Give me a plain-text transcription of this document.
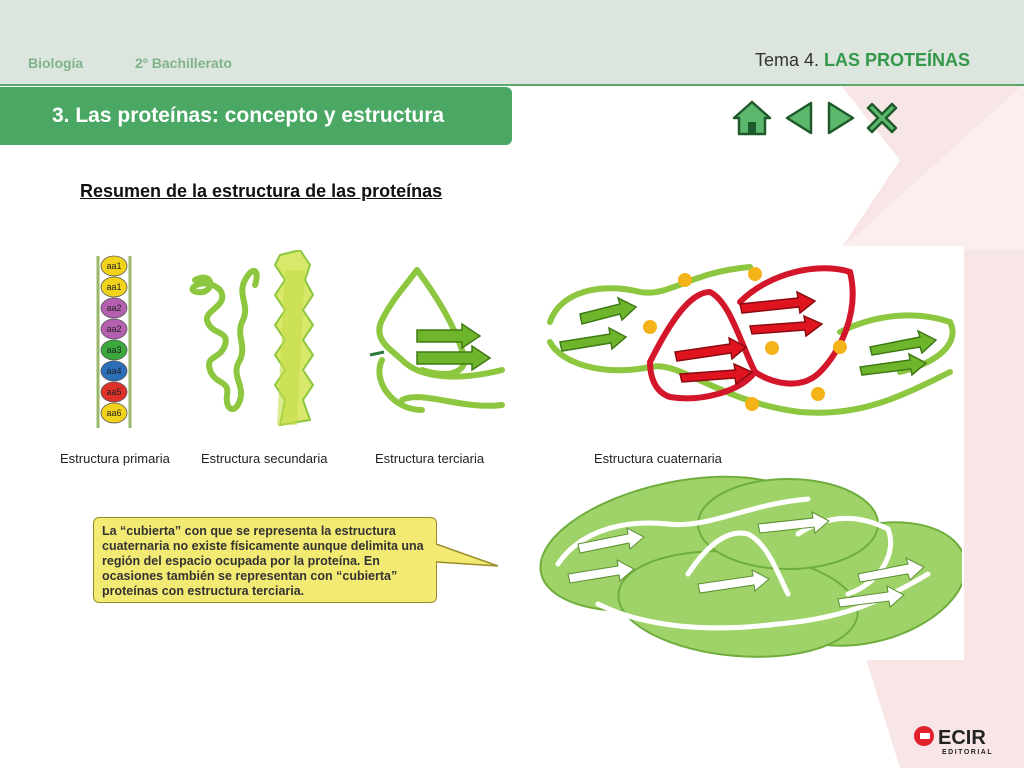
Biología	2º Bachillerato	Tema 4. LAS PROTEÍNAS
3. Las proteínas: concepto y estructura
Resumen de la estructura de las proteínas
aa1
aa1
aa2
aa2
aa3
aa4
aa5
aa6
Estructura primaria Estructura secundaria	Estructura terciaria	Estructura cuaternaria
La “cubierta” con que se representa la estructura cuaternaria no existe físicamente aunque delimita una región del espacio ocupada por la proteína. En ocasiones también se representan con “cubierta” proteínas con estructura terciaria.
ECIR
EDITORIAL
